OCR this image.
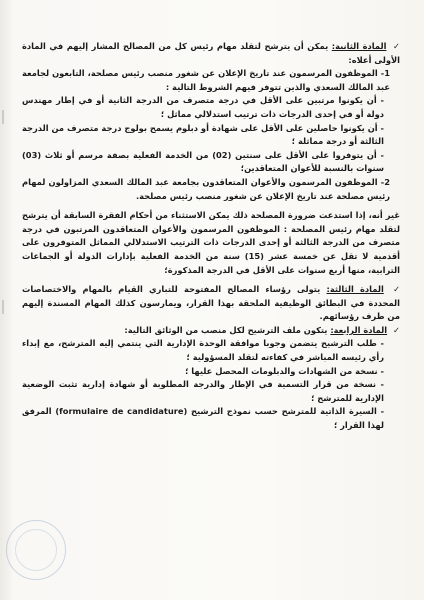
✓ المادة الثانية: يمكن أن يترشح لتقلد مهام رئيس كل من المصالح المشار إليهم في المادة الأولى أعلاه:

1- الموظفون المرسمون عند تاريخ الإعلان عن شغور منصب رئيس مصلحة، التابعون لجامعة عبد المالك السعدي والذين تتوفر فيهم الشروط التالية :

- أن يكونوا مرتبين على الأقل في درجة متصرف من الدرجة الثانية أو في إطار مهندس دولة أو في إحدى الدرجات ذات ترتيب استدلالي مماثل ؛

- أن يكونوا حاصلين على الأقل على شهادة أو دبلوم يسمح بولوج درجة متصرف من الدرجة الثالثة أو درجة مماثلة ؛

- أن يتوفروا على الأقل على سنتين (02) من الخدمة الفعلية بصفة مرسم أو ثلاث (03) سنوات بالنسبة للأعوان المتعاقدين؛

2- الموظفون المرسمون والأعوان المتعاقدون بجامعة عبد المالك السعدي المزاولون لمهام رئيس مصلحة عند تاريخ الإعلان عن شغور منصب رئيس مصلحة.

غير أنه، إذا استدعت ضرورة المصلحة ذلك يمكن الاستثناء من أحكام الفقرة السابقة أن يترشح لتقلد مهام رئيس المصلحة : الموظفون المرسمون والأعوان المتعاقدون المرتبون في درجة متصرف من الدرجة الثالثة أو إحدى الدرجات ذات الترتيب الاستدلالي المماثل المتوفرون على أقدمية لا تقل عن خمسة عشر (15) سنة من الخدمة الفعلية بإدارات الدولة أو الجماعات الترابية، منها أربع سنوات على الأقل في الدرجة المذكورة؛

✓ المادة الثالثة: يتولى رؤساء المصالح المفتوحة للتباري القيام بالمهام والاختصاصات المحددة في البطائق الوظيفية الملحقة بهذا القرار، ويمارسون كذلك المهام المسندة إليهم من طرف رؤسائهم.

✓ المادة الرابعة: يتكون ملف الترشيح لكل منصب من الوثائق التالية:

- طلب الترشيح يتضمن وجوبا موافقة الوحدة الإدارية التي ينتمي إليه المترشح، مع إبداء رأي رئيسه المباشر في كفاءته لتقلد المسؤولية ؛

- نسخة من الشهادات والدبلومات المحصل عليها ؛

- نسخة من قرار التسمية في الإطار والدرجة المطلوبة أو شهادة إدارية تثبت الوضعية الإدارية للمترشح ؛

- السيرة الذاتية للمترشح حسب نموذج الترشيح (formulaire de candidature) المرفق لهذا القرار ؛
